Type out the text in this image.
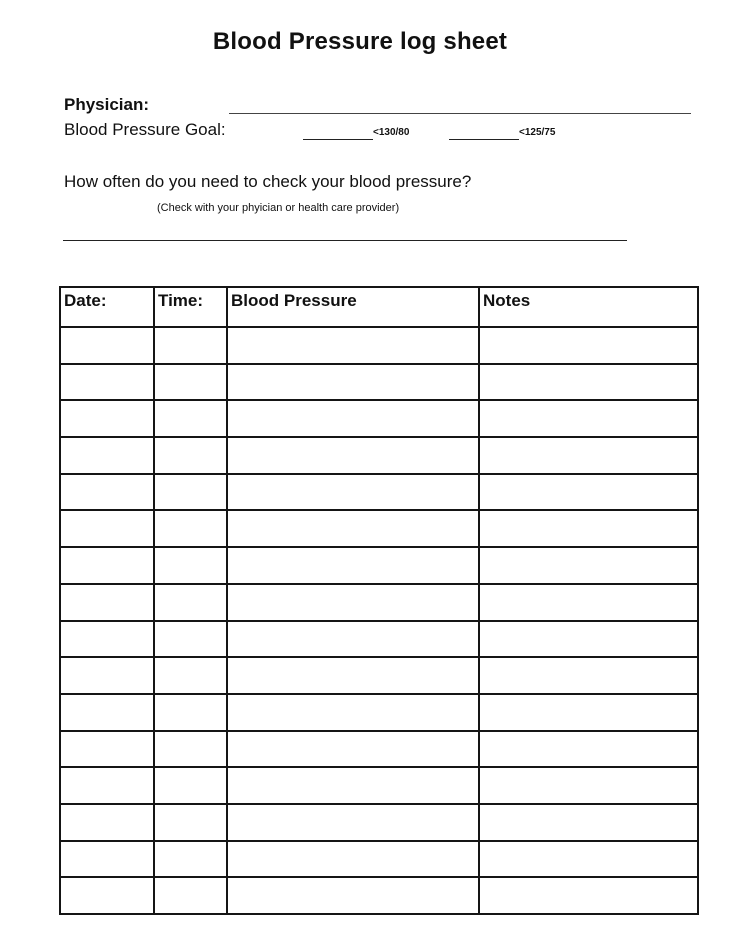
Blood Pressure log sheet
Physician:
Blood Pressure Goal:	<130/80	<125/75
How often do you need to check your blood pressure?
(Check with your phyician or health care provider)
Date:	Time:	Blood Pressure	Notes
